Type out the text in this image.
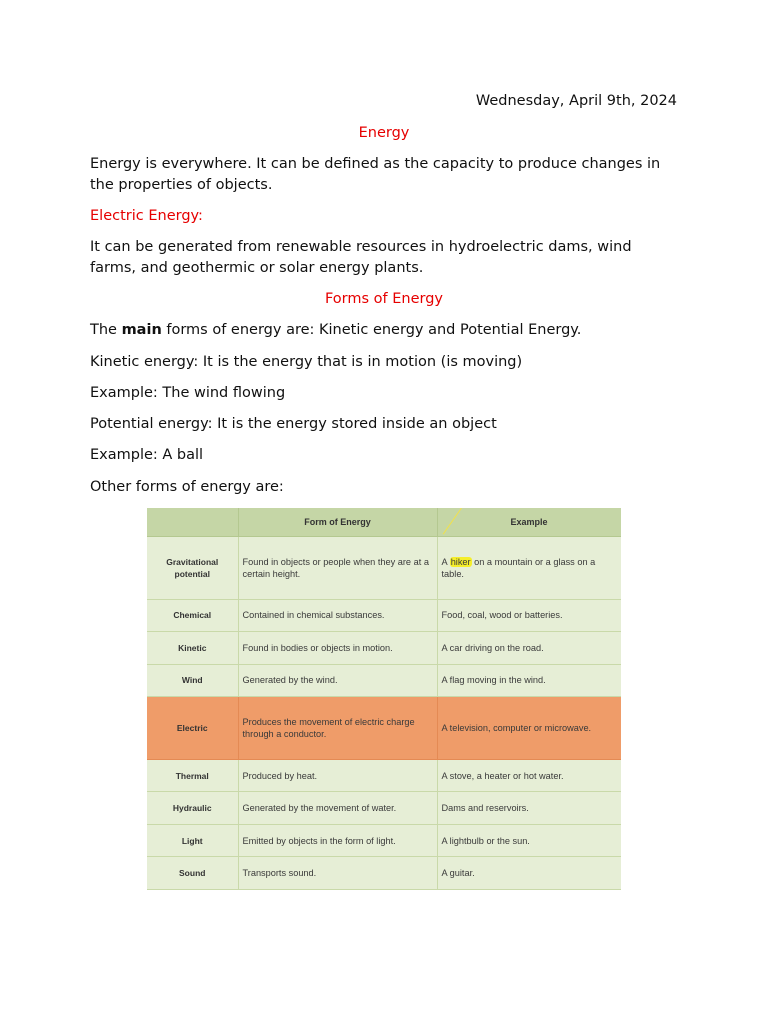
Wednesday, April 9th, 2024
Energy

Energy is everywhere. It can be defined as the capacity to produce changes in the properties of objects.

Electric Energy:

It can be generated from renewable resources in hydroelectric dams, wind farms, and geothermic or solar energy plants.

Forms of Energy

The main forms of energy are: Kinetic energy and Potential Energy.

Kinetic energy: It is the energy that is in motion (is moving)

Example: The wind flowing

Potential energy: It is the energy stored inside an object

Example: A ball

Other forms of energy are:

	Form of Energy	Example
Gravitational potential	Found in objects or people when they are at a certain height.	A hiker on a mountain or a glass on a table.
Chemical	Contained in chemical substances.	Food, coal, wood or batteries.
Kinetic	Found in bodies or objects in motion.	A car driving on the road.
Wind	Generated by the wind.	A flag moving in the wind.
Electric	Produces the movement of electric charge through a conductor.	A television, computer or microwave.
Thermal	Produced by heat.	A stove, a heater or hot water.
Hydraulic	Generated by the movement of water.	Dams and reservoirs.
Light	Emitted by objects in the form of light.	A lightbulb or the sun.
Sound	Transports sound.	A guitar.
